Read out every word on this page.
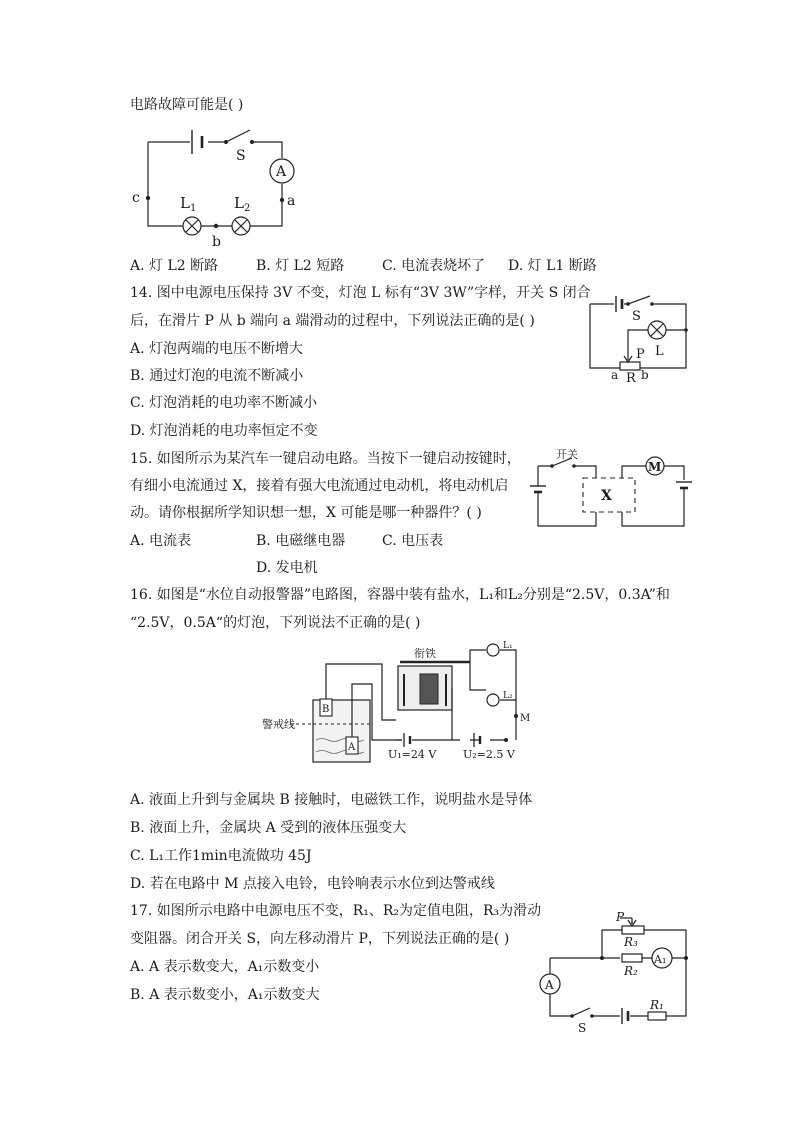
电路故障可能是( )
A
S
c	a
b
L 1	L 2
A. 灯 L2 断路	B. 灯 L2 短路	C. 电流表烧坏了 D. 灯 L1 断路
14. 图中电源电压保持 3V 不变，灯泡 L 标有“3V 3W”字样，开关 S 闭合
后，在滑片 P 从 b 端向 a 端滑动的过程中，下列说法正确的是( )
A. 灯泡两端的电压不断增大
B. 通过灯泡的电流不断减小
C. 灯泡消耗的电功率不断减小
D. 灯泡消耗的电功率恒定不变
S
P L
a R b
15. 如图所示为某汽车一键启动电路。当按下一键启动按键时，
有细小电流通过 X，接着有强大电流通过电动机，将电动机启
动。请你根据所学知识想一想，X 可能是哪一种器件？( )
A. 电流表	B. 电磁继电器	C. 电压表
D. 发电机
X
M
开关
16. 如图是“水位自动报警器”电路图，容器中装有盐水，L₁和L₂分别是“2.5V，0.3A”和
“2.5V，0.5A“的灯泡，下列说法不正确的是( )
B
A
警戒线
衔铁
L₁
L₂
M
U₁=24 V U₂=2.5 V
A. 液面上升到与金属块 B 接触时，电磁铁工作，说明盐水是导体
B. 液面上升，金属块 A 受到的液体压强变大
C. L₁工作1min电流做功 45J
D. 若在电路中 M 点接入电铃，电铃响表示水位到达警戒线
17. 如图所示电路中电源电压不变，R₁、R₂为定值电阻，R₃为滑动
变阻器。闭合开关 S，向左移动滑片 P，下列说法正确的是( )
A. A 表示数变大，A₁示数变小
B. A 表示数变小，A₁示数变大
P
R₃
R₂
A₁
A
R₁
S
